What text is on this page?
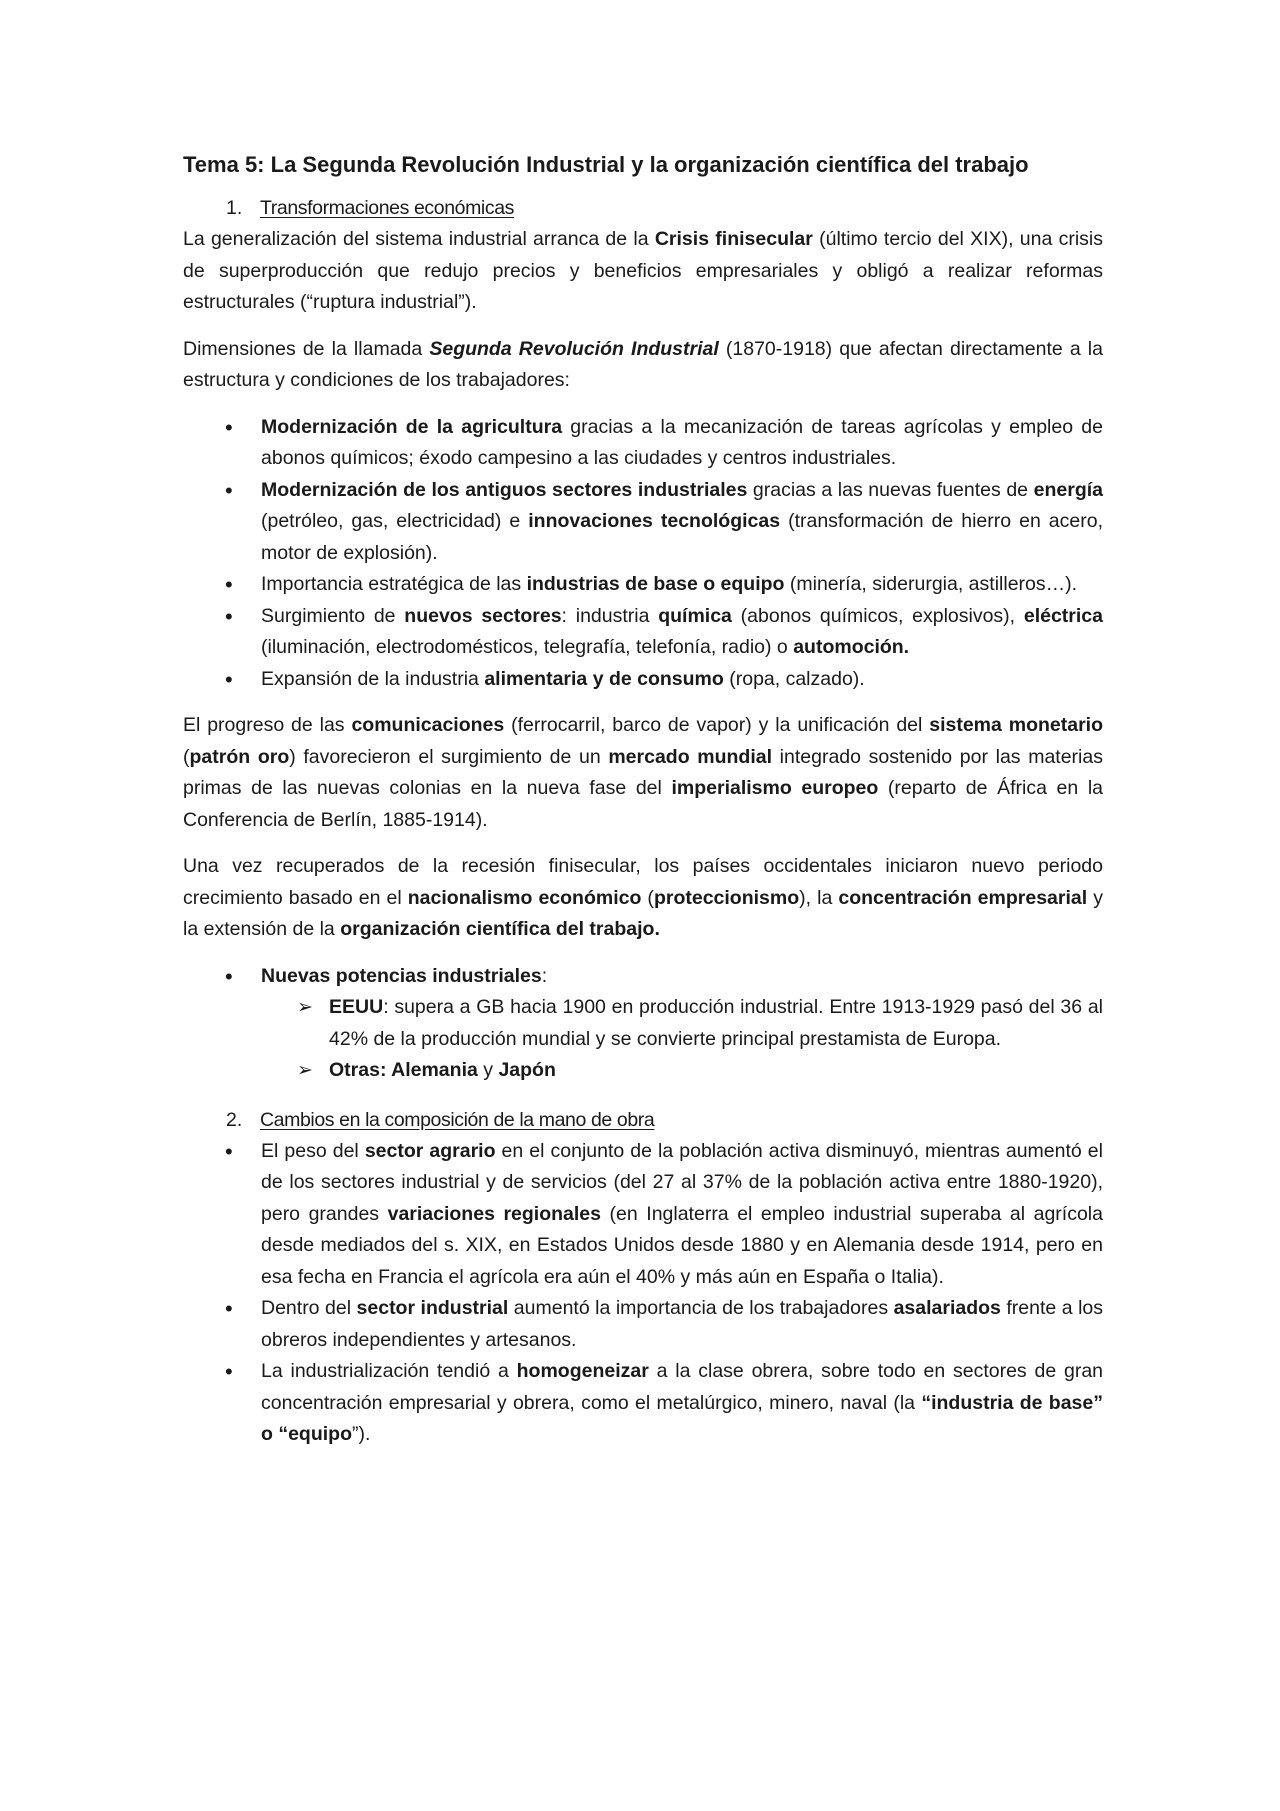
Tema 5: La Segunda Revolución Industrial y la organización científica del trabajo
1. Transformaciones económicas

La generalización del sistema industrial arranca de la Crisis finisecular (último tercio del XIX), una crisis de superproducción que redujo precios y beneficios empresariales y obligó a realizar reformas estructurales (“ruptura industrial”).

Dimensiones de la llamada Segunda Revolución Industrial (1870-1918) que afectan directamente a la estructura y condiciones de los trabajadores:

• Modernización de la agricultura gracias a la mecanización de tareas agrícolas y empleo de abonos químicos; éxodo campesino a las ciudades y centros industriales.
• Modernización de los antiguos sectores industriales gracias a las nuevas fuentes de energía (petróleo, gas, electricidad) e innovaciones tecnológicas (transformación de hierro en acero, motor de explosión).
• Importancia estratégica de las industrias de base o equipo (minería, siderurgia, astilleros…).
• Surgimiento de nuevos sectores: industria química (abonos químicos, explosivos), eléctrica (iluminación, electrodomésticos, telegrafía, telefonía, radio) o automoción.
• Expansión de la industria alimentaria y de consumo (ropa, calzado).

El progreso de las comunicaciones (ferrocarril, barco de vapor) y la unificación del sistema monetario (patrón oro) favorecieron el surgimiento de un mercado mundial integrado sostenido por las materias primas de las nuevas colonias en la nueva fase del imperialismo europeo (reparto de África en la Conferencia de Berlín, 1885-1914).

Una vez recuperados de la recesión finisecular, los países occidentales iniciaron nuevo periodo crecimiento basado en el nacionalismo económico (proteccionismo), la concentración empresarial y la extensión de la organización científica del trabajo.

• Nuevas potencias industriales:
➢ EEUU: supera a GB hacia 1900 en producción industrial. Entre 1913-1929 pasó del 36 al 42% de la producción mundial y se convierte principal prestamista de Europa.
➢ Otras: Alemania y Japón
2. Cambios en la composición de la mano de obra
• El peso del sector agrario en el conjunto de la población activa disminuyó, mientras aumentó el de los sectores industrial y de servicios (del 27 al 37% de la población activa entre 1880-1920), pero grandes variaciones regionales (en Inglaterra el empleo industrial superaba al agrícola desde mediados del s. XIX, en Estados Unidos desde 1880 y en Alemania desde 1914, pero en esa fecha en Francia el agrícola era aún el 40% y más aún en España o Italia).
• Dentro del sector industrial aumentó la importancia de los trabajadores asalariados frente a los obreros independientes y artesanos.
• La industrialización tendió a homogeneizar a la clase obrera, sobre todo en sectores de gran concentración empresarial y obrera, como el metalúrgico, minero, naval (la “industria de base” o “equipo”).
